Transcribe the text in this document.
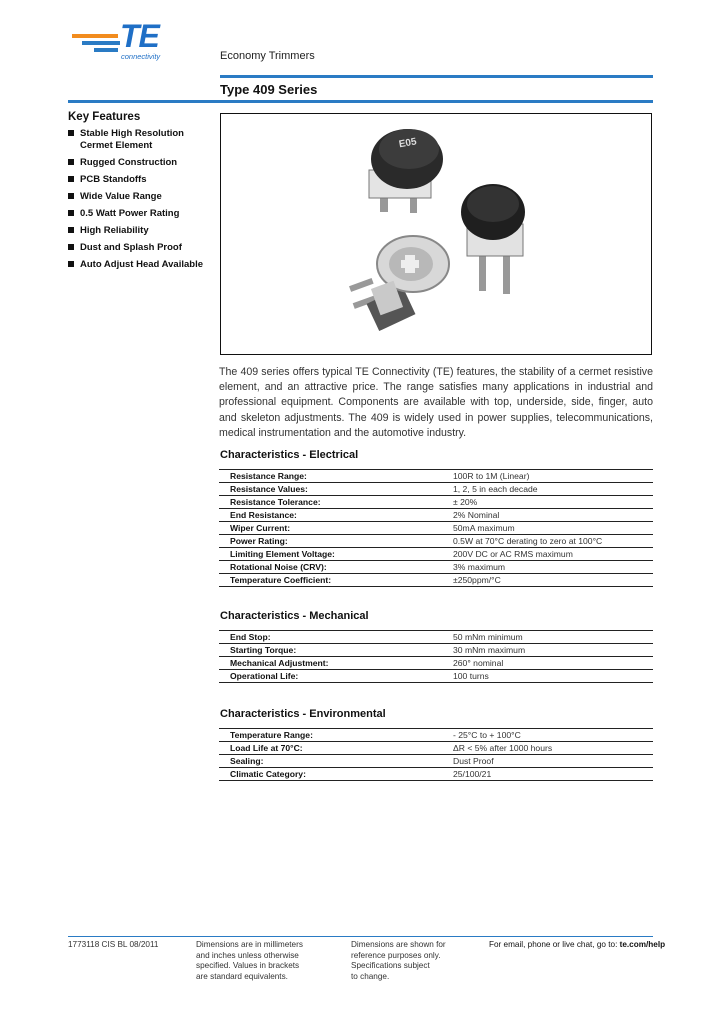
TE
connectivity	Economy Trimmers
Type 409 Series
Key Features
Stable High Resolution Cermet Element
Rugged Construction
PCB Standoffs
Wide Value Range
0.5 Watt Power Rating
High Reliability
Dust and Splash Proof
Auto Adjust Head Available
E05

The 409 series offers typical TE Connectivity (TE) features, the stability of a cermet resistive element, and an attractive price. The range satisfies many applications in industrial and professional equipment. Components are available with top, underside, side, finger, auto and skeleton adjustments. The 409 is widely used in power supplies, telecommunications, medical instrumentation and the automotive industry.

Characteristics - Electrical
Resistance Range:	100R to 1M (Linear)
Resistance Values:	1, 2, 5 in each decade
Resistance Tolerance:	± 20%
End Resistance:	2% Nominal
Wiper Current:	50mA maximum
Power Rating:	0.5W at 70°C derating to zero at 100°C
Limiting Element Voltage:	200V DC or AC RMS maximum
Rotational Noise (CRV):	3% maximum
Temperature Coefficient:	±250ppm/°C
Characteristics - Mechanical
End Stop:	50 mNm minimum
Starting Torque:	30 mNm maximum
Mechanical Adjustment:	260° nominal
Operational Life:	100 turns
Characteristics - Environmental
Temperature Range:	- 25°C to + 100°C
Load Life at 70°C:	ΔR < 5% after 1000 hours
Sealing:	Dust Proof
Climatic Category:	25/100/21
1773118 CIS BL 08/2011	Dimensions are in millimeters
and inches unless otherwise
specified. Values in brackets
are standard equivalents.
Dimensions are shown for
reference purposes only.
Specifications subject
to change.
For email, phone or live chat, go to: te.com/help
